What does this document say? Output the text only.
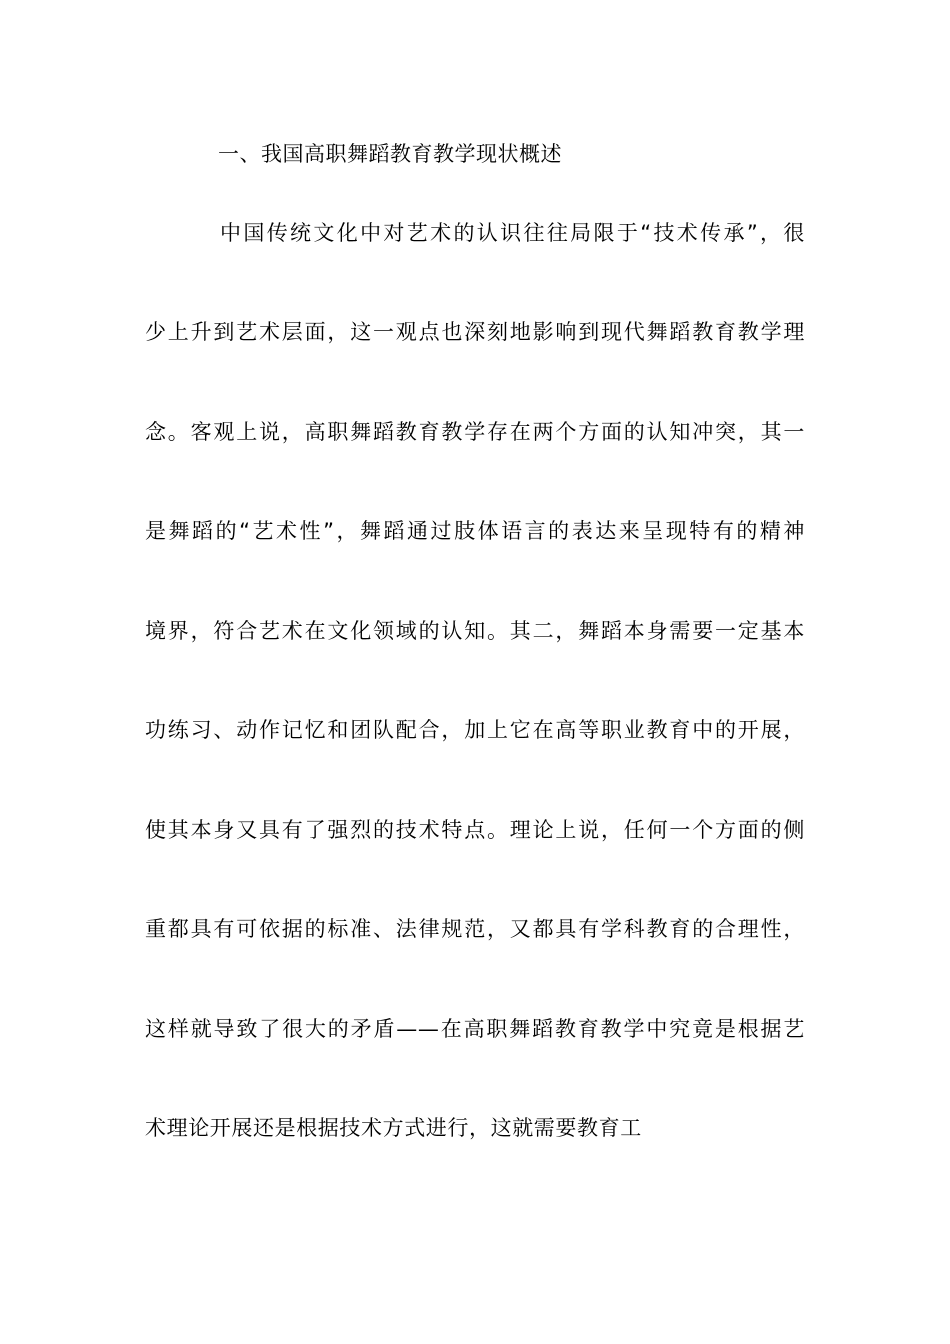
一、我国高职舞蹈教育教学现状概述
中国传统文化中对艺术的认识往往局限于“技术传承”，很
少上升到艺术层面，这一观点也深刻地影响到现代舞蹈教育教学理
念。客观上说，高职舞蹈教育教学存在两个方面的认知冲突，其一
是舞蹈的“艺术性”，舞蹈通过肢体语言的表达来呈现特有的精神
境界，符合艺术在文化领域的认知。其二，舞蹈本身需要一定基本
功练习、动作记忆和团队配合，加上它在高等职业教育中的开展，
使其本身又具有了强烈的技术特点。理论上说，任何一个方面的侧
重都具有可依据的标准、法律规范，又都具有学科教育的合理性，
这样就导致了很大的矛盾——在高职舞蹈教育教学中究竟是根据艺
术理论开展还是根据技术方式进行，这就需要教育工
